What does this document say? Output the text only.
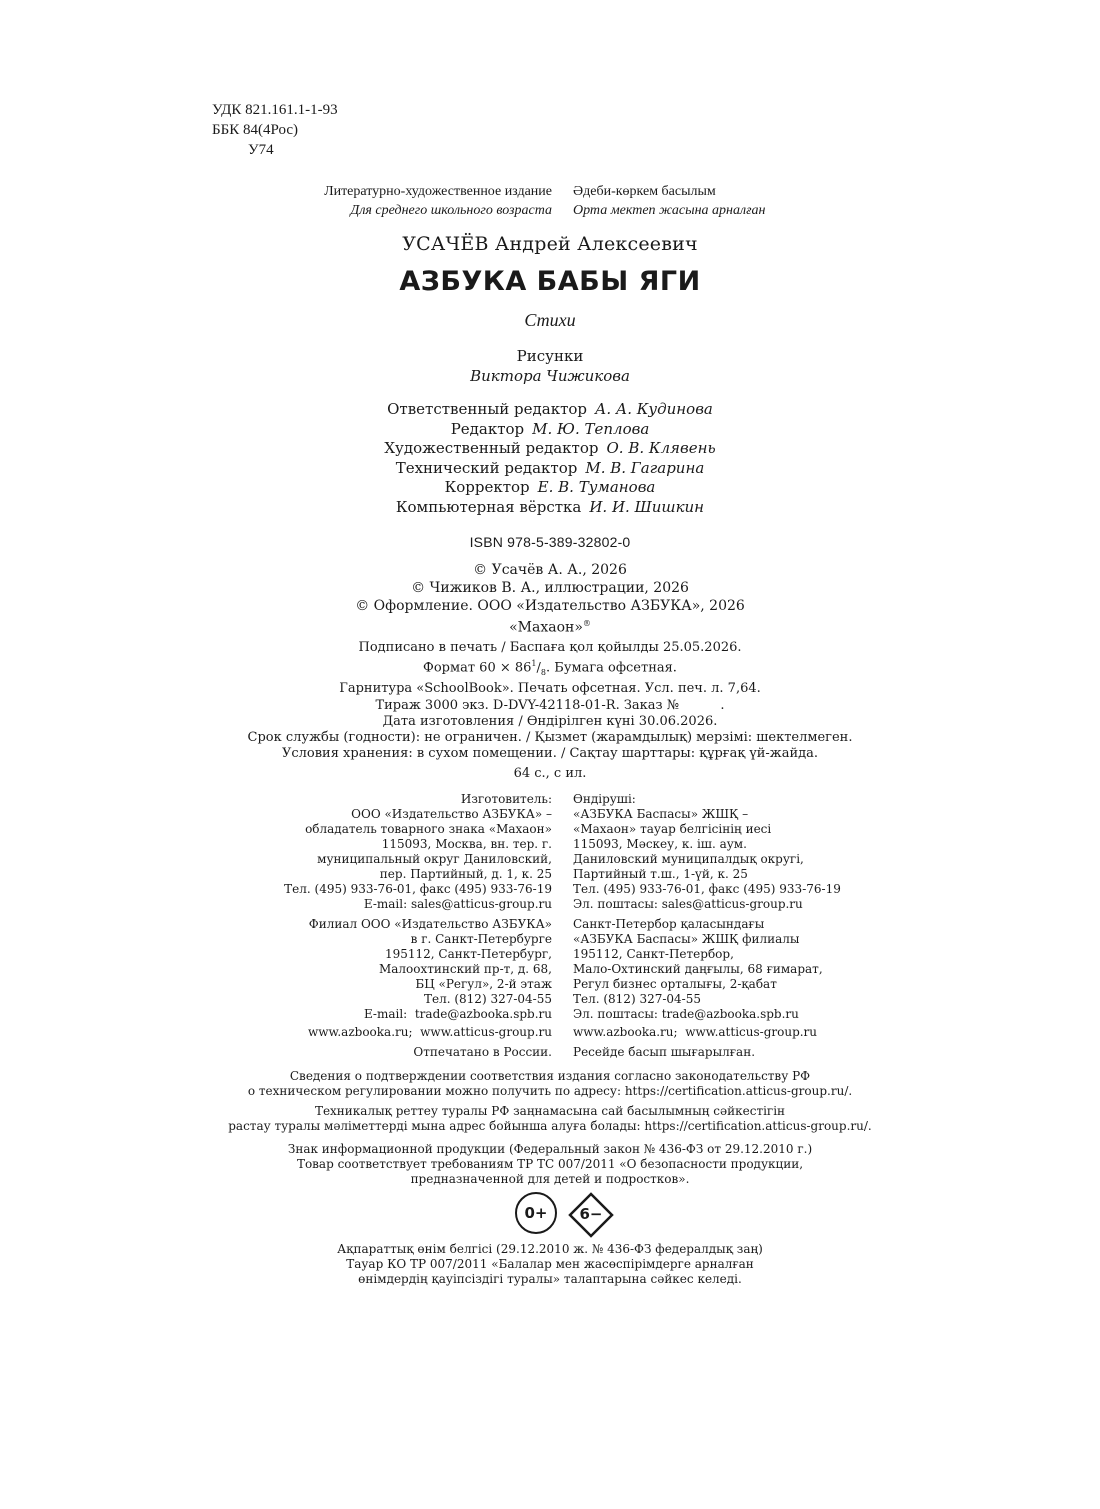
УДК 821.161.1-1-93
ББК 84(4Рос)
У74
Литературно-художественное издание
Для среднего школьного возраста
Әдеби-көркем басылым
Орта мектеп жасына арналған
УСАЧЁВ Андрей Алексеевич
АЗБУКА БАБЫ ЯГИ
Стихи
Рисунки
Виктора Чижикова
Ответственный редактор А. А. Кудинова
Редактор М. Ю. Теплова
Художественный редактор О. В. Клявень
Технический редактор М. В. Гагарина
Корректор Е. В. Туманова
Компьютерная вёрстка И. И. Шишкин
ISBN 978-5-389-32802-0
© Усачёв А. А., 2026
© Чижиков В. А., иллюстрации, 2026
© Оформление. ООО «Издательство АЗБУКА», 2026
«Махаон»®
Подписано в печать / Баспаға қол қойылды 25.05.2026.
Формат $60 \times 86^1/_8$. Бумага офсетная.
Гарнитура «SchoolBook». Печать офсетная. Усл. печ. л. 7,64.
Тираж 3000 экз. D-DVY-42118-01-R. Заказ №          .
Дата изготовления / Өндірілген күні 30.06.2026.
Срок службы (годности): не ограничен. / Қызмет (жарамдылық) мерзімі: шектелмеген.
Условия хранения: в сухом помещении. / Сақтау шарттары: құрғақ үй-жайда.
64 с., с ил.
Изготовитель:
ООО «Издательство АЗБУКА» –
обладатель товарного знака «Махаон»
115093, Москва, вн. тер. г.
муниципальный округ Даниловский,
пер. Партийный, д. 1, к. 25
Тел. (495) 933-76-01, факс (495) 933-76-19
E-mail: sales@atticus-group.ru
Өндіруші:
«АЗБУКА Баспасы» ЖШҚ –
«Махаон» тауар белгісінің иесі
115093, Мәскеу, к. іш. аум.
Даниловский муниципалдық округі,
Партийный т.ш., 1-үй, к. 25
Тел. (495) 933-76-01, факс (495) 933-76-19
Эл. поштасы: sales@atticus-group.ru
Филиал ООО «Издательство АЗБУКА»
в г. Санкт-Петербурге
195112, Санкт-Петербург,
Малоохтинский пр-т, д. 68,
БЦ «Регул», 2-й этаж
Тел. (812) 327-04-55
E-mail:  trade@azbooka.spb.ru
Санкт-Петербор қаласындағы
«АЗБУКА Баспасы» ЖШҚ филиалы
195112, Санкт-Петербор,
Мало-Охтинский даңғылы, 68 ғимарат,
Регул бизнес орталығы, 2-қабат
Тел. (812) 327-04-55
Эл. поштасы: trade@azbooka.spb.ru
www.azbooka.ru;  www.atticus-group.ru www.azbooka.ru;  www.atticus-group.ru
Отпечатано в России. Ресейде басып шығарылған.
Сведения о подтверждении соответствия издания согласно законодательству РФ
о техническом регулировании можно получить по адресу: https://certification.atticus-group.ru/.
Техникалық реттеу туралы РФ заңнамасына сай басылымның сәйкестігін
растау туралы мәліметтерді мына адрес бойынша алуға болады: https://certification.atticus-group.ru/.
Знак информационной продукции (Федеральный закон № 436-ФЗ от 29.12.2010 г.)
Товар соответствует требованиям ТР ТС 007/2011 «О безопасности продукции,
предназначенной для детей и подростков».
0+	6−
Ақпараттық өнім белгісі (29.12.2010 ж. № 436-ФЗ федералдық заң)
Тауар КО ТР 007/2011 «Балалар мен жасөспірімдерге арналған
өнімдердің қауіпсіздігі туралы» талаптарына сәйкес келеді.
